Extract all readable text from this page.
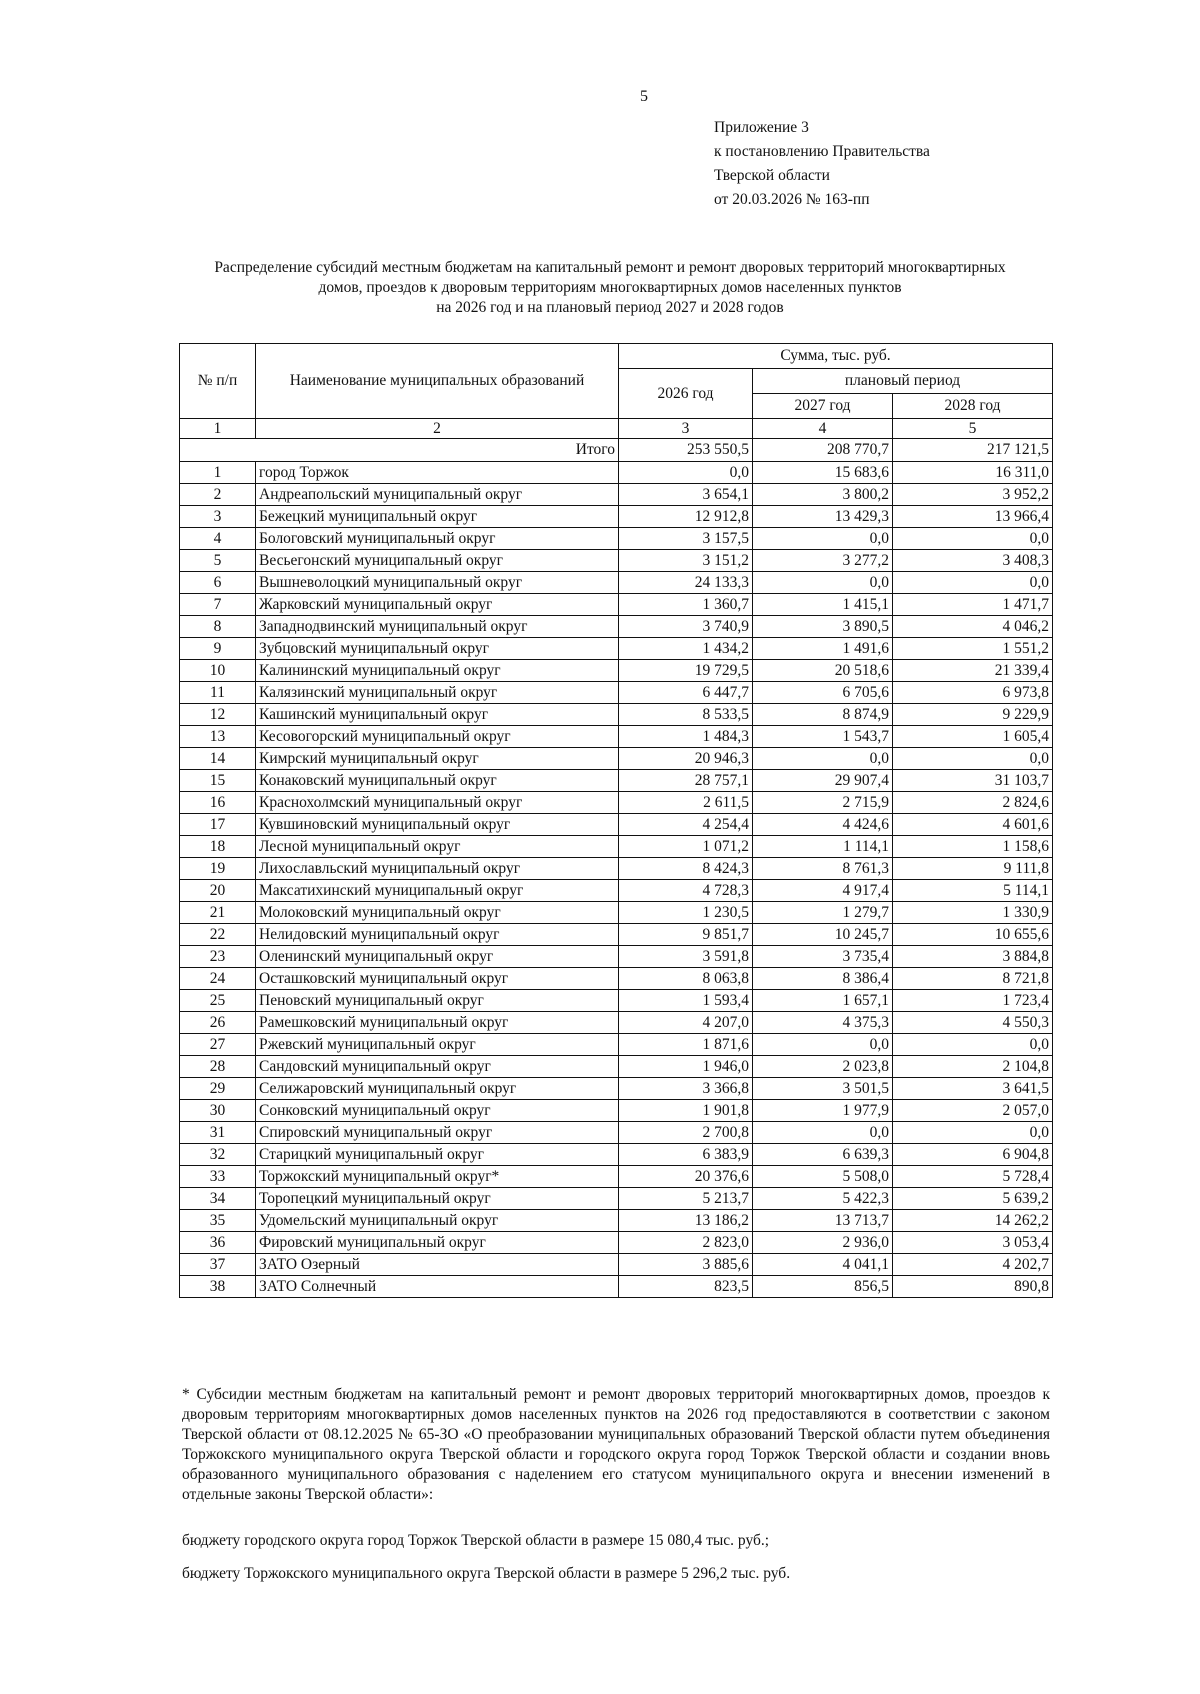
5
Приложение 3
к постановлению Правительства
Тверской области
от 20.03.2026 № 163-пп
Распределение субсидий местным бюджетам на капитальный ремонт и ремонт дворовых территорий многоквартирных
домов, проездов к дворовым территориям многоквартирных домов населенных пунктов
на 2026 год и на плановый период 2027 и 2028 годов
№ п/п	Наименование муниципальных образований	Сумма, тыс. руб.		
		2026 год	плановый период	
			2027 год	2028 год
1	2	3	4	5
Итого		253 550,5	208 770,7	217 121,5
1	город Торжок	0,0	15 683,6	16 311,0
2	Андреапольский муниципальный округ	3 654,1	3 800,2	3 952,2
3	Бежецкий муниципальный округ	12 912,8	13 429,3	13 966,4
4	Бологовский муниципальный округ	3 157,5	0,0	0,0
5	Весьегонский муниципальный округ	3 151,2	3 277,2	3 408,3
6	Вышневолоцкий муниципальный округ	24 133,3	0,0	0,0
7	Жарковский муниципальный округ	1 360,7	1 415,1	1 471,7
8	Западнодвинский муниципальный округ	3 740,9	3 890,5	4 046,2
9	Зубцовский муниципальный округ	1 434,2	1 491,6	1 551,2
10	Калининский муниципальный округ	19 729,5	20 518,6	21 339,4
11	Калязинский муниципальный округ	6 447,7	6 705,6	6 973,8
12	Кашинский муниципальный округ	8 533,5	8 874,9	9 229,9
13	Кесовогорский муниципальный округ	1 484,3	1 543,7	1 605,4
14	Кимрский муниципальный округ	20 946,3	0,0	0,0
15	Конаковский муниципальный округ	28 757,1	29 907,4	31 103,7
16	Краснохолмский муниципальный округ	2 611,5	2 715,9	2 824,6
17	Кувшиновский муниципальный округ	4 254,4	4 424,6	4 601,6
18	Лесной муниципальный округ	1 071,2	1 114,1	1 158,6
19	Лихославльский муниципальный округ	8 424,3	8 761,3	9 111,8
20	Максатихинский муниципальный округ	4 728,3	4 917,4	5 114,1
21	Молоковский муниципальный округ	1 230,5	1 279,7	1 330,9
22	Нелидовский муниципальный округ	9 851,7	10 245,7	10 655,6
23	Оленинский муниципальный округ	3 591,8	3 735,4	3 884,8
24	Осташковский муниципальный округ	8 063,8	8 386,4	8 721,8
25	Пеновский муниципальный округ	1 593,4	1 657,1	1 723,4
26	Рамешковский муниципальный округ	4 207,0	4 375,3	4 550,3
27	Ржевский муниципальный округ	1 871,6	0,0	0,0
28	Сандовский муниципальный округ	1 946,0	2 023,8	2 104,8
29	Селижаровский муниципальный округ	3 366,8	3 501,5	3 641,5
30	Сонковский муниципальный округ	1 901,8	1 977,9	2 057,0
31	Спировский муниципальный округ	2 700,8	0,0	0,0
32	Старицкий муниципальный округ	6 383,9	6 639,3	6 904,8
33	Торжокский муниципальный округ*	20 376,6	5 508,0	5 728,4
34	Торопецкий муниципальный округ	5 213,7	5 422,3	5 639,2
35	Удомельский муниципальный округ	13 186,2	13 713,7	14 262,2
36	Фировский муниципальный округ	2 823,0	2 936,0	3 053,4
37	ЗАТО Озерный	3 885,6	4 041,1	4 202,7
38	ЗАТО Солнечный	823,5	856,5	890,8
* Субсидии местным бюджетам на капитальный ремонт и ремонт дворовых территорий многоквартирных домов, проездов к дворовым территориям многоквартирных домов населенных пунктов на 2026 год предоставляются в соответствии с законом Тверской области от 08.12.2025 № 65-ЗО «О преобразовании муниципальных образований Тверской области путем объединения Торжокского муниципального округа Тверской области и городского округа город Торжок Тверской области и создании вновь образованного муниципального образования с наделением его статусом муниципального округа и внесении изменений в отдельные законы Тверской области»:
бюджету городского округа город Торжок Тверской области в размере 15 080,4 тыс. руб.;
бюджету Торжокского муниципального округа Тверской области в размере 5 296,2 тыс. руб.
